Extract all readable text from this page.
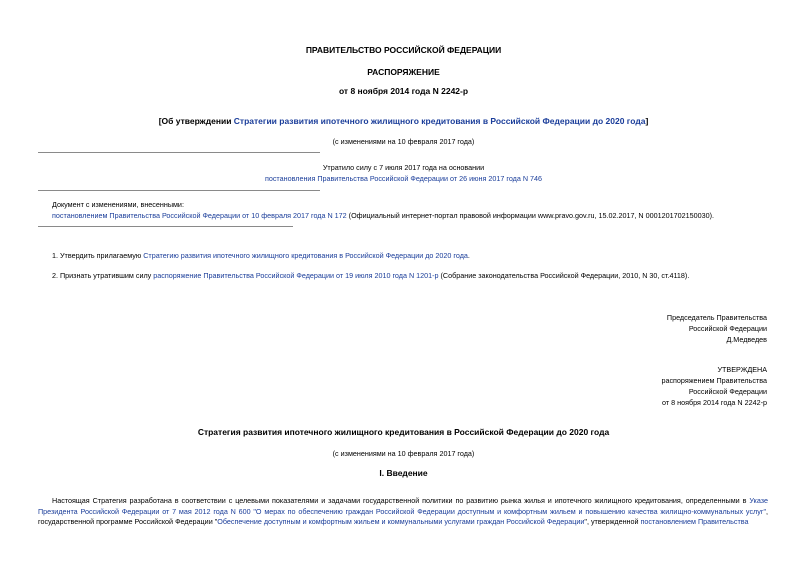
ПРАВИТЕЛЬСТВО РОССИЙСКОЙ ФЕДЕРАЦИИ
РАСПОРЯЖЕНИЕ
от 8 ноября 2014 года N 2242-р
[Об утверждении Стратегии развития ипотечного жилищного кредитования в Российской Федерации до 2020 года]
(с изменениями на 10 февраля 2017 года)
Утратило силу с 7 июля 2017 года на основании
постановления Правительства Российской Федерации от 26 июня 2017 года N 746
Документ с изменениями, внесенными:
постановлением Правительства Российской Федерации от 10 февраля 2017 года N 172 (Официальный интернет-портал правовой информации www.pravo.gov.ru, 15.02.2017, N 0001201702150030).
1. Утвердить прилагаемую Стратегию развития ипотечного жилищного кредитования в Российской Федерации до 2020 года.
2. Признать утратившим силу распоряжение Правительства Российской Федерации от 19 июля 2010 года N 1201-р (Собрание законодательства Российской Федерации, 2010, N 30, ст.4118).
Председатель Правительства
Российской Федерации
Д.Медведев
УТВЕРЖДЕНА
распоряжением Правительства
Российской Федерации
от 8 ноября 2014 года N 2242-р
Стратегия развития ипотечного жилищного кредитования в Российской Федерации до 2020 года
(с изменениями на 10 февраля 2017 года)
I. Введение
Настоящая Стратегия разработана в соответствии с целевыми показателями и задачами государственной политики по развитию рынка жилья и ипотечного жилищного кредитования, определенными в Указе Президента Российской Федерации от 7 мая 2012 года N 600 "О мерах по обеспечению граждан Российской Федерации доступным и комфортным жильем и повышению качества жилищно-коммунальных услуг", государственной программе Российской Федерации "Обеспечение доступным и комфортным жильем и коммунальными услугами граждан Российской Федерации", утвержденной постановлением Правительства
